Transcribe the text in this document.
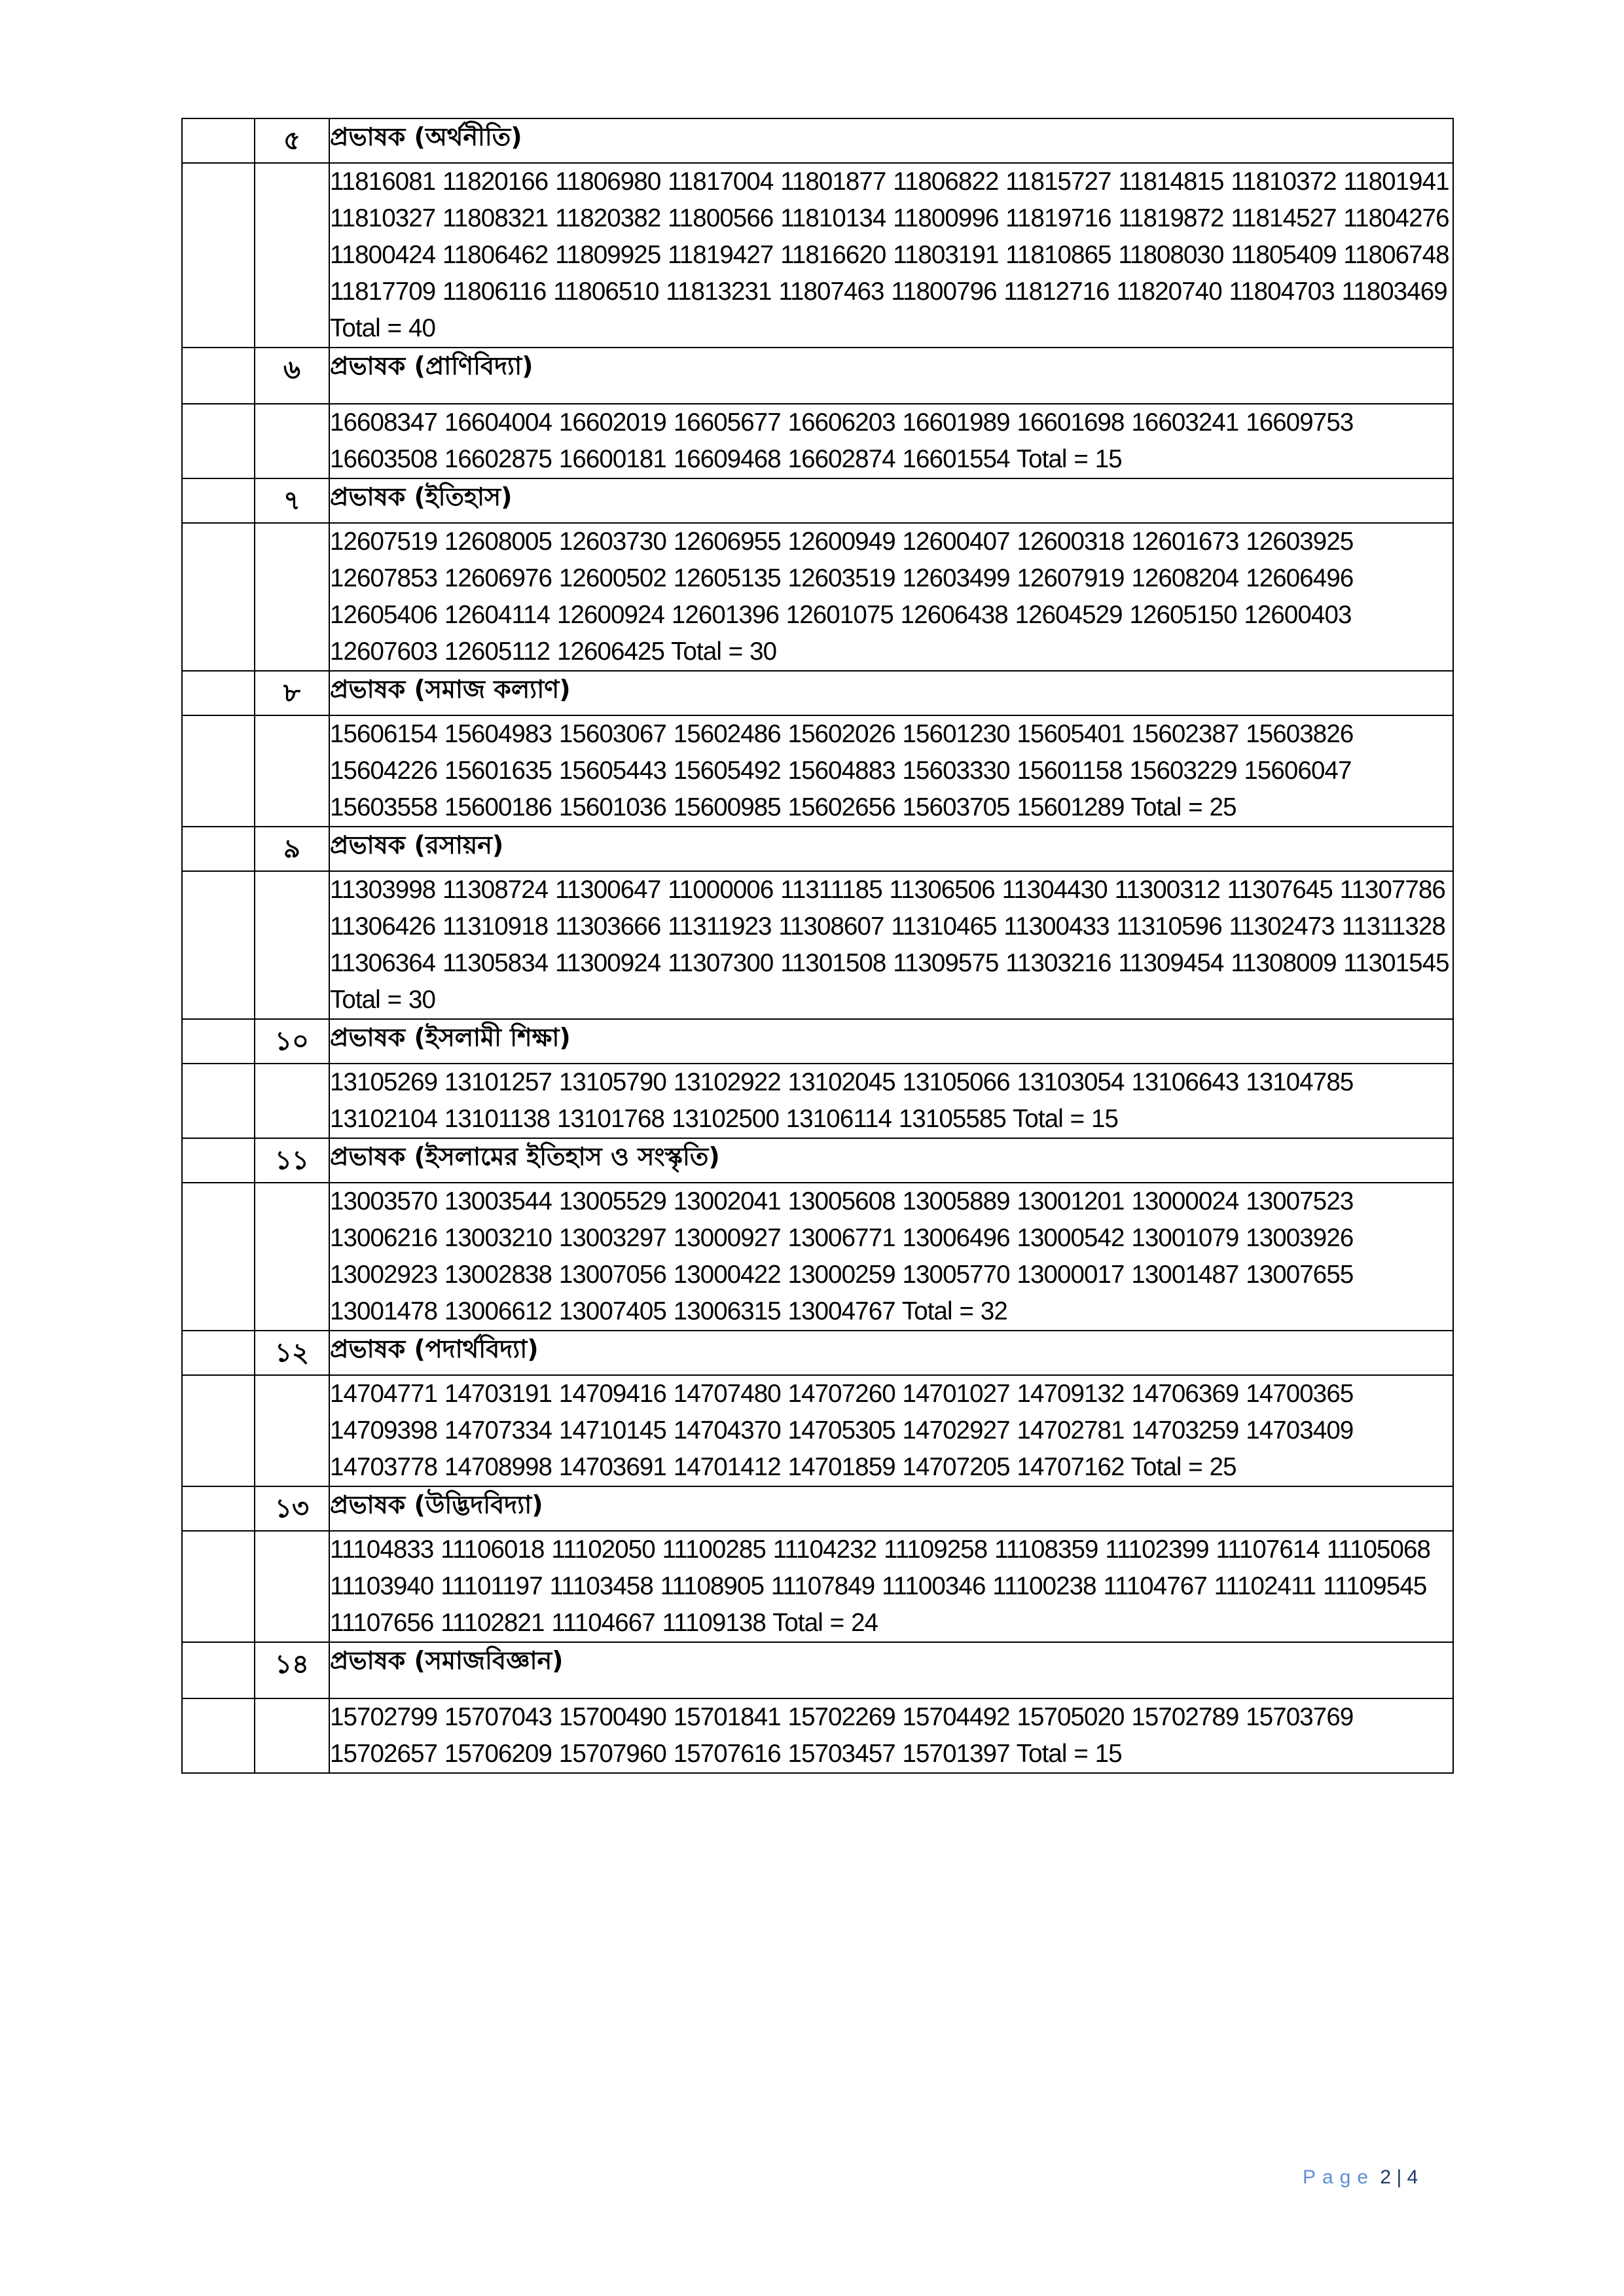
	৫	প্রভাষক (অর্থনীতি)
		11816081 11820166 11806980 11817004 11801877 11806822 11815727 11814815 11810372 11801941 11810327 11808321 11820382 11800566 11810134 11800996 11819716 11819872 11814527 11804276 11800424 11806462 11809925 11819427 11816620 11803191 11810865 11808030 11805409 11806748 11817709 11806116 11806510 11813231 11807463 11800796 11812716 11820740 11804703 11803469 Total = 40
	৬	প্রভাষক (প্রাণিবিদ্যা)
		16608347 16604004 16602019 16605677 16606203 16601989 16601698 16603241 16609753 16603508 16602875 16600181 16609468 16602874 16601554 Total = 15
	৭	প্রভাষক (ইতিহাস)
		12607519 12608005 12603730 12606955 12600949 12600407 12600318 12601673 12603925 12607853 12606976 12600502 12605135 12603519 12603499 12607919 12608204 12606496 12605406 12604114 12600924 12601396 12601075 12606438 12604529 12605150 12600403 12607603 12605112 12606425 Total = 30
	৮	প্রভাষক (সমাজ কল্যাণ)
		15606154 15604983 15603067 15602486 15602026 15601230 15605401 15602387 15603826 15604226 15601635 15605443 15605492 15604883 15603330 15601158 15603229 15606047 15603558 15600186 15601036 15600985 15602656 15603705 15601289 Total = 25
	৯	প্রভাষক (রসায়ন)
		11303998 11308724 11300647 11000006 11311185 11306506 11304430 11300312 11307645 11307786 11306426 11310918 11303666 11311923 11308607 11310465 11300433 11310596 11302473 11311328 11306364 11305834 11300924 11307300 11301508 11309575 11303216 11309454 11308009 11301545 Total = 30
	১০	প্রভাষক (ইসলামী শিক্ষা)
		13105269 13101257 13105790 13102922 13102045 13105066 13103054 13106643 13104785 13102104 13101138 13101768 13102500 13106114 13105585 Total = 15
	১১	প্রভাষক (ইসলামের ইতিহাস ও সংস্কৃতি)
		13003570 13003544 13005529 13002041 13005608 13005889 13001201 13000024 13007523 13006216 13003210 13003297 13000927 13006771 13006496 13000542 13001079 13003926 13002923 13002838 13007056 13000422 13000259 13005770 13000017 13001487 13007655 13001478 13006612 13007405 13006315 13004767 Total = 32
	১২	প্রভাষক (পদার্থবিদ্যা)
		14704771 14703191 14709416 14707480 14707260 14701027 14709132 14706369 14700365 14709398 14707334 14710145 14704370 14705305 14702927 14702781 14703259 14703409 14703778 14708998 14703691 14701412 14701859 14707205 14707162 Total = 25
	১৩	প্রভাষক (উদ্ভিদবিদ্যা)
		11104833 11106018 11102050 11100285 11104232 11109258 11108359 11102399 11107614 11105068 11103940 11101197 11103458 11108905 11107849 11100346 11100238 11104767 11102411 11109545 11107656 11102821 11104667 11109138 Total = 24
	১৪	প্রভাষক (সমাজবিজ্ঞান)
		15702799 15707043 15700490 15701841 15702269 15704492 15705020 15702789 15703769 15702657 15706209 15707960 15707616 15703457 15701397 Total = 15
Page 2 | 4
